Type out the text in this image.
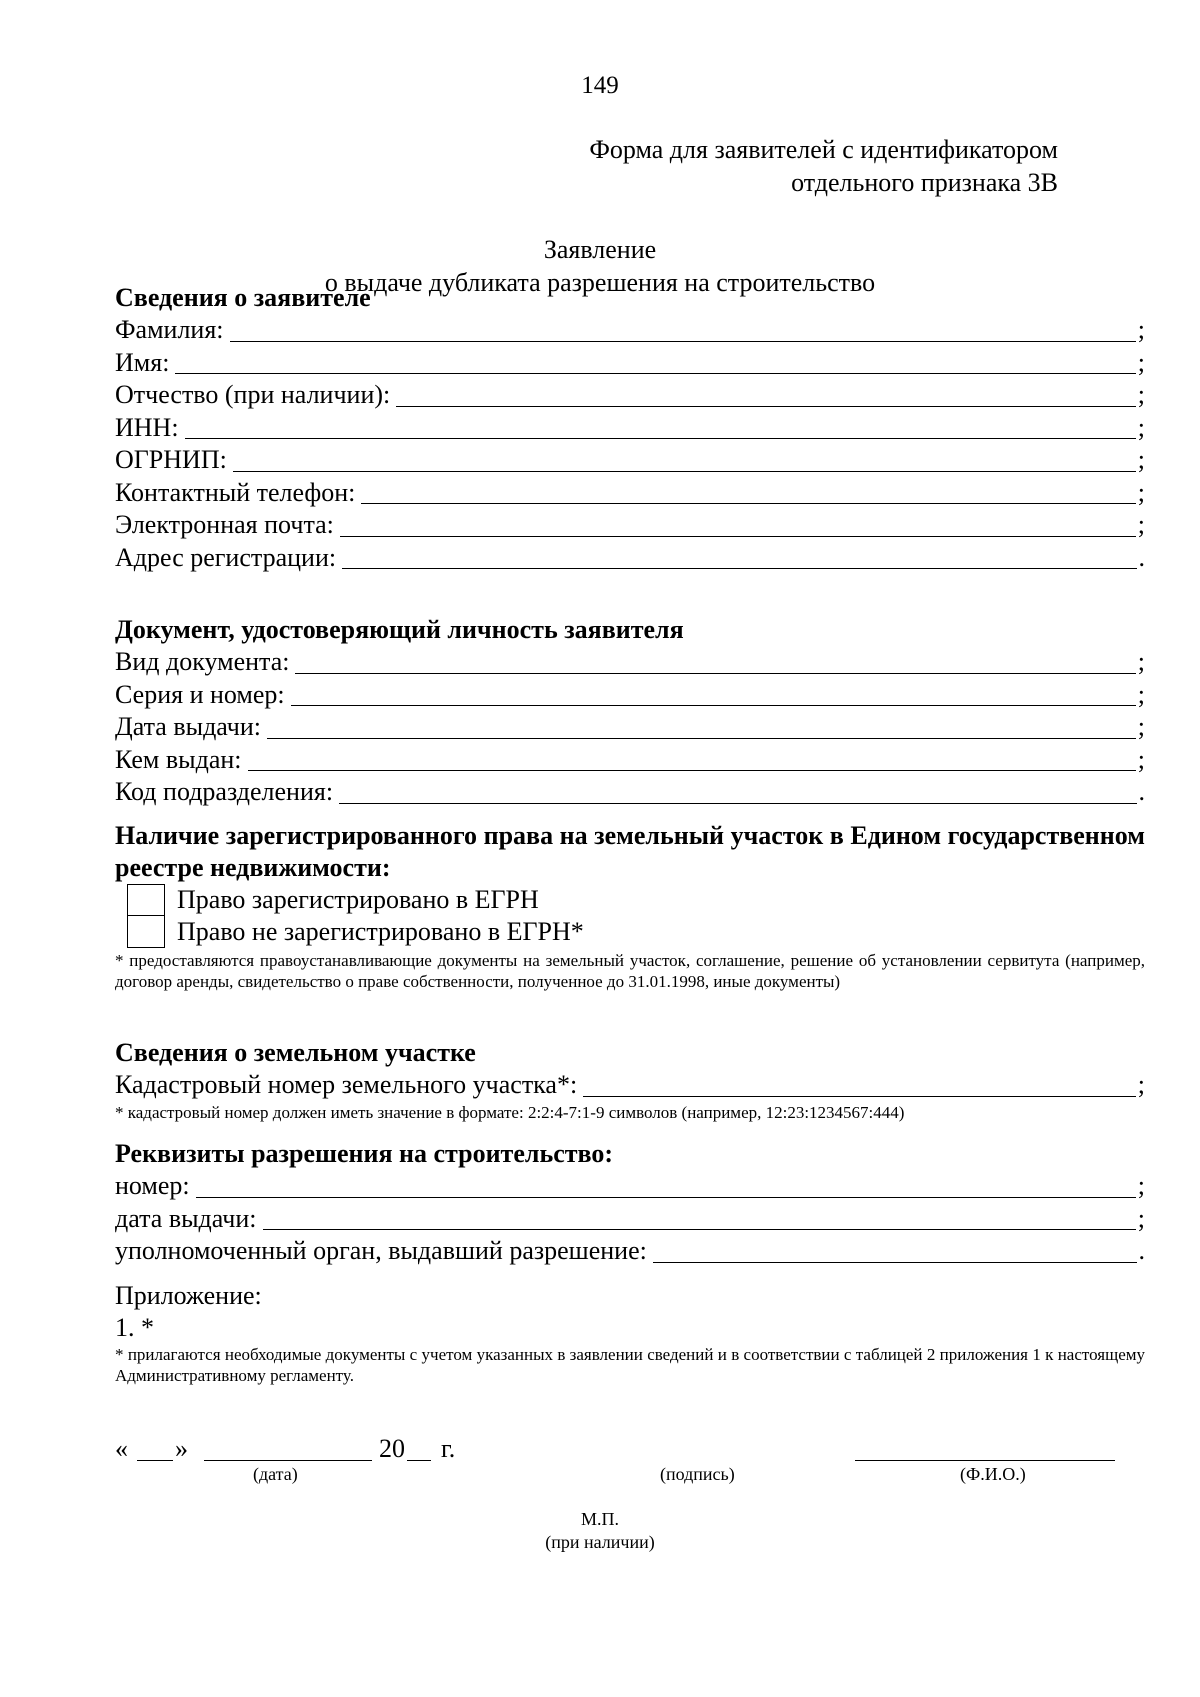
149
Форма для заявителей с идентификатором
отдельного признака 3В
Заявление
о выдаче дубликата разрешения на строительство
Сведения о заявителе
Фамилия:	;
Имя:	;
Отчество (при наличии):	;
ИНН:	;
ОГРНИП:	;
Контактный телефон:	;
Электронная почта:	;
Адрес регистрации:	.
Документ, удостоверяющий личность заявителя
Вид документа:	;
Серия и номер:	;
Дата выдачи:	;
Кем выдан:	;
Код подразделения:	.
Наличие зарегистрированного права на земельный участок в Едином государственном реестре недвижимости:
Право зарегистрировано в ЕГРН
Право не зарегистрировано в ЕГРН*
* предоставляются правоустанавливающие документы на земельный участок, соглашение, решение об установлении сервитута (например, договор аренды, свидетельство о праве собственности, полученное до 31.01.1998, иные документы)
Сведения о земельном участке
Кадастровый номер земельного участка*:	;
* кадастровый номер должен иметь значение в формате: 2:2:4-7:1-9 символов (например, 12:23:1234567:444)
Реквизиты разрешения на строительство:
номер:	;
дата выдачи:	;
уполномоченный орган, выдавший разрешение:	.
Приложение:
1. *
* прилагаются необходимые документы с учетом указанных в заявлении сведений и в соответствии с таблицей 2 приложения 1 к настоящему Административному регламенту.
« »	20 г.
(дата)	(подпись)	(Ф.И.О.)
М.П.
(при наличии)
